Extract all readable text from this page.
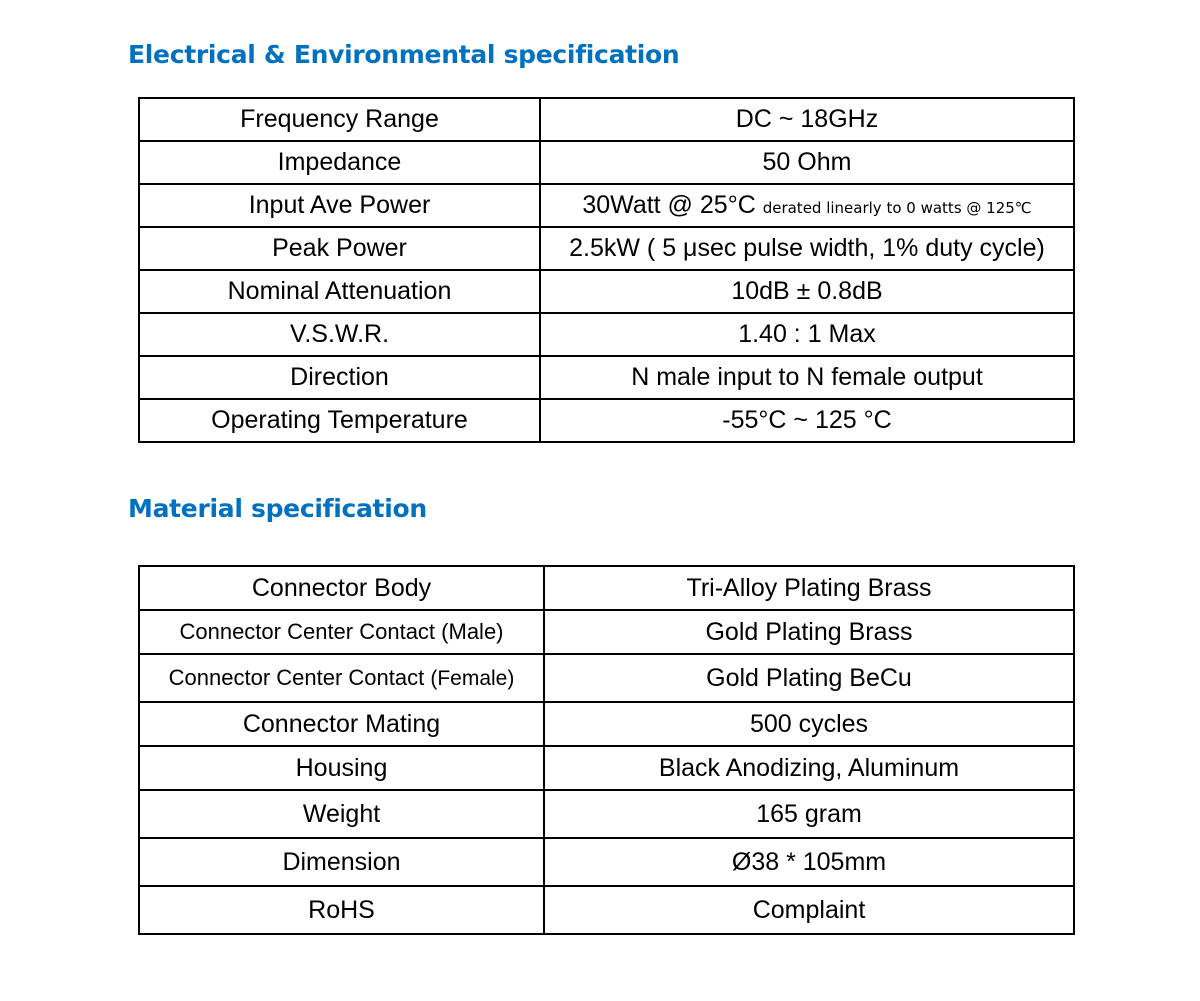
Electrical & Environmental specification
Frequency Range	DC ~ 18GHz
Impedance	50 Ohm
Input Ave Power	30Watt @ 25°C derated linearly to 0 watts @ 125℃
Peak Power	2.5kW ( 5 μsec pulse width, 1% duty cycle)
Nominal Attenuation	10dB ± 0.8dB
V.S.W.R.	1.40 : 1 Max
Direction	N male input to N female output
Operating Temperature	-55°C ~ 125 °C
Material specification
Connector Body	Tri-Alloy Plating Brass
Connector Center Contact (Male)	Gold Plating Brass
Connector Center Contact (Female)	Gold Plating BeCu
Connector Mating	500 cycles
Housing	Black Anodizing, Aluminum
Weight	165 gram
Dimension	Ø38 * 105mm
RoHS	Complaint
